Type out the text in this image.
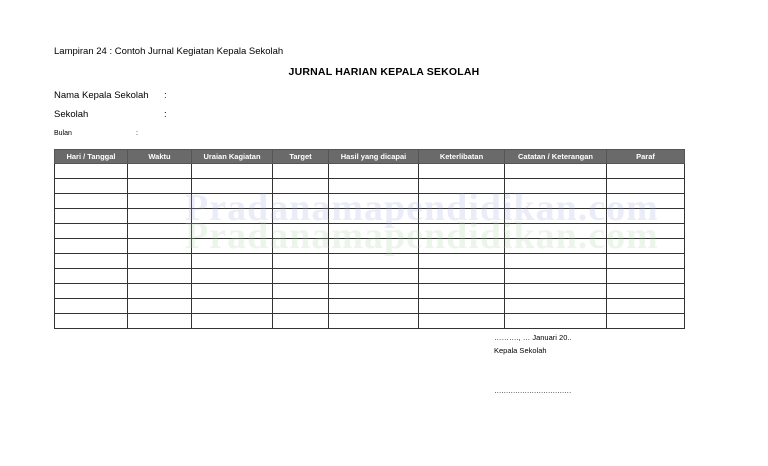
Lampiran 24 : Contoh Jurnal Kegiatan Kepala Sekolah
JURNAL HARIAN KEPALA SEKOLAH
Nama Kepala Sekolah :
Sekolah	:
Bulan	:
Hari / Tanggal	Waktu	Uraian Kagiatan	Target	Hasil yang dicapai	Keterlibatan	Catatan / Keterangan	Paraf

Pradanamapendidikan.com
………., … Januari 20..
Kepala Sekolah
……………………………
